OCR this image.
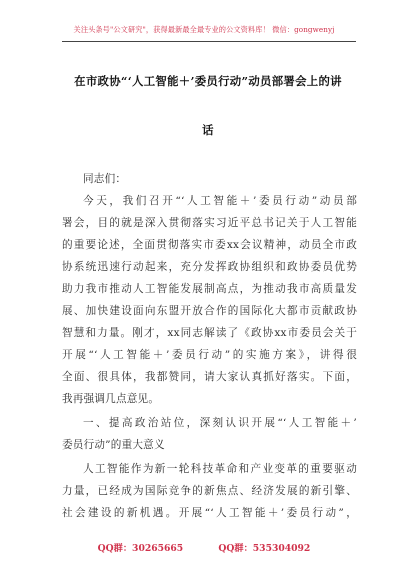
关注头条号"公文研究"，获得最新最全最专业的公文资料库！ 微信：gongwenyj
在市政协“‘人工智能＋’委员行动”动员部署会上的讲
话
同志们：
今天，我们召开“‘人工智能＋’委员行动”动员部
署会，目的就是深入贯彻落实习近平总书记关于人工智能
的重要论述，全面贯彻落实市委xx会议精神，动员全市政
协系统迅速行动起来，充分发挥政协组织和政协委员优势
助力我市推动人工智能发展制高点，为推动我市高质量发
展、加快建设面向东盟开放合作的国际化大都市贡献政协
智慧和力量。刚才，xx同志解读了《政协xx市委员会关于
开展“‘人工智能＋’委员行动”的实施方案》，讲得很
全面、很具体，我都赞同，请大家认真抓好落实。下面，
我再强调几点意见。
一、提高政治站位，深刻认识开展“‘人工智能＋’
委员行动”的重大意义
人工智能作为新一轮科技革命和产业变革的重要驱动
力量，已经成为国际竞争的新焦点、经济发展的新引擎、
社会建设的新机遇。开展“‘人工智能＋’委员行动”，
QQ群：30265665	QQ群：535304092
